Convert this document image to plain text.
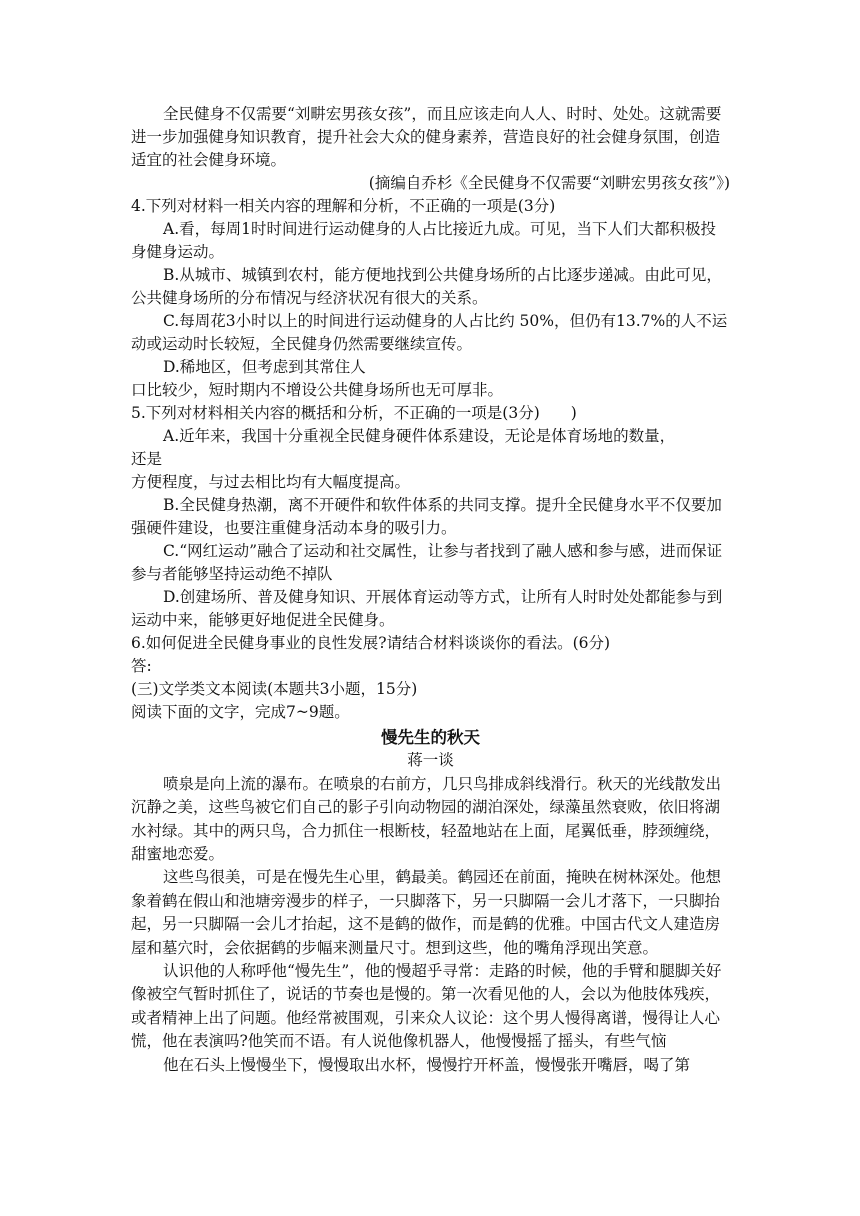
全民健身不仅需要“刘畊宏男孩女孩”，而且应该走向人人、时时、处处。这就需要进一步加强健身知识教育，提升社会大众的健身素养，营造良好的社会健身氛围，创造适宜的社会健身环境。

(摘编自乔杉《全民健身不仅需要“刘畊宏男孩女孩”》)

4.下列对材料一相关内容的理解和分析，不正确的一项是(3分)

A.看，每周1时时间进行运动健身的人占比接近九成。可见，当下人们大都积极投身健身运动。

B.从城市、城镇到农村，能方便地找到公共健身场所的占比逐步递减。由此可见，公共健身场所的分布情况与经济状况有很大的关系。

C.每周花3小时以上的时间进行运动健身的人占比约 50%，但仍有13.7%的人不运动或运动时长较短，全民健身仍然需要继续宣传。

D.稀地区，但考虑到其常住人

口比较少，短时期内不增设公共健身场所也无可厚非。

5.下列对材料相关内容的概括和分析，不正确的一项是(3分)　　)

A.近年来，我国十分重视全民健身硬件体系建设，无论是体育场地的数量，

还是

方便程度，与过去相比均有大幅度提高。

B.全民健身热潮，离不开硬件和软件体系的共同支撑。提升全民健身水平不仅要加强硬件建设，也要注重健身活动本身的吸引力。

C.“网红运动”融合了运动和社交属性，让参与者找到了融人感和参与感，进而保证参与者能够坚持运动绝不掉队

D.创建场所、普及健身知识、开展体育运动等方式，让所有人时时处处都能参与到运动中来，能够更好地促进全民健身。

6.如何促进全民健身事业的良性发展?请结合材料谈谈你的看法。(6分)

答:

(三)文学类文本阅读(本题共3小题，15分)

阅读下面的文字，完成7~9题。

慢先生的秋天

蒋一谈

喷泉是向上流的瀑布。在喷泉的右前方，几只鸟排成斜线滑行。秋天的光线散发出沉静之美，这些鸟被它们自己的影子引向动物园的湖泊深处，绿藻虽然衰败，依旧将湖水衬绿。其中的两只鸟，合力抓住一根断枝，轻盈地站在上面，尾翼低垂，脖颈缠绕，甜蜜地恋爱。

这些鸟很美，可是在慢先生心里，鹤最美。鹤园还在前面，掩映在树林深处。他想象着鹤在假山和池塘旁漫步的样子，一只脚落下，另一只脚隔一会儿才落下，一只脚抬起，另一只脚隔一会儿才抬起，这不是鹤的做作，而是鹤的优雅。中国古代文人建造房屋和墓穴时，会依据鹤的步幅来测量尺寸。想到这些，他的嘴角浮现出笑意。

认识他的人称呼他“慢先生”，他的慢超乎寻常：走路的时候，他的手臂和腿脚关好像被空气暂时抓住了，说话的节奏也是慢的。第一次看见他的人，会以为他肢体残疾，或者精神上出了问题。他经常被围观，引来众人议论：这个男人慢得离谱，慢得让人心慌，他在表演吗?他笑而不语。有人说他像机器人，他慢慢摇了摇头，有些气恼

他在石头上慢慢坐下，慢慢取出水杯，慢慢拧开杯盖，慢慢张开嘴唇，喝了第
